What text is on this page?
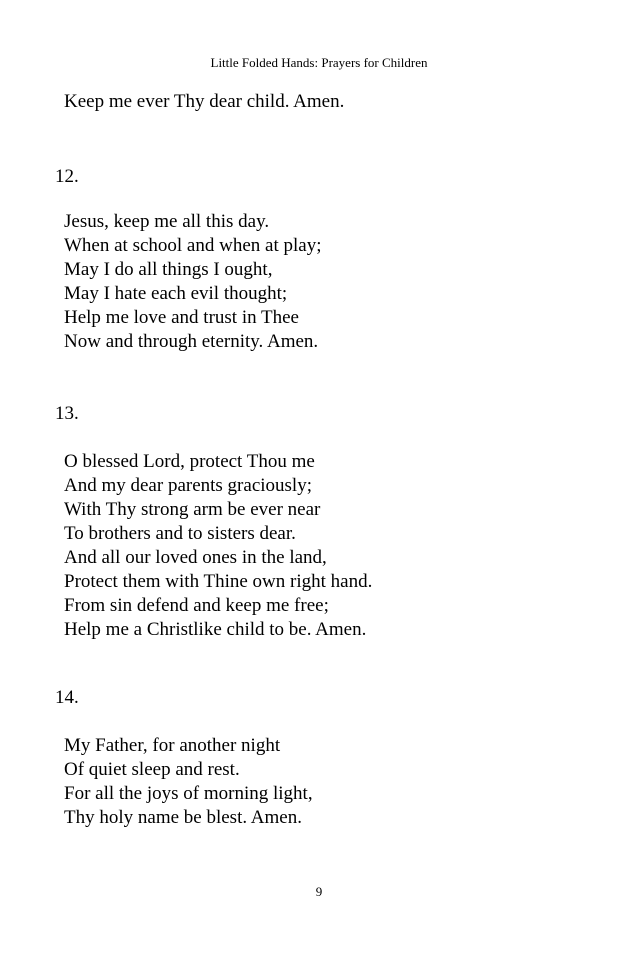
Little Folded Hands: Prayers for Children
Keep me ever Thy dear child. Amen.
12.
Jesus, keep me all this day.
When at school and when at play;
May I do all things I ought,
May I hate each evil thought;
Help me love and trust in Thee
Now and through eternity. Amen.
13.
O blessed Lord, protect Thou me
And my dear parents graciously;
With Thy strong arm be ever near
To brothers and to sisters dear.
And all our loved ones in the land,
Protect them with Thine own right hand.
From sin defend and keep me free;
Help me a Christlike child to be. Amen.
14.
My Father, for another night
Of quiet sleep and rest.
For all the joys of morning light,
Thy holy name be blest. Amen.
9
